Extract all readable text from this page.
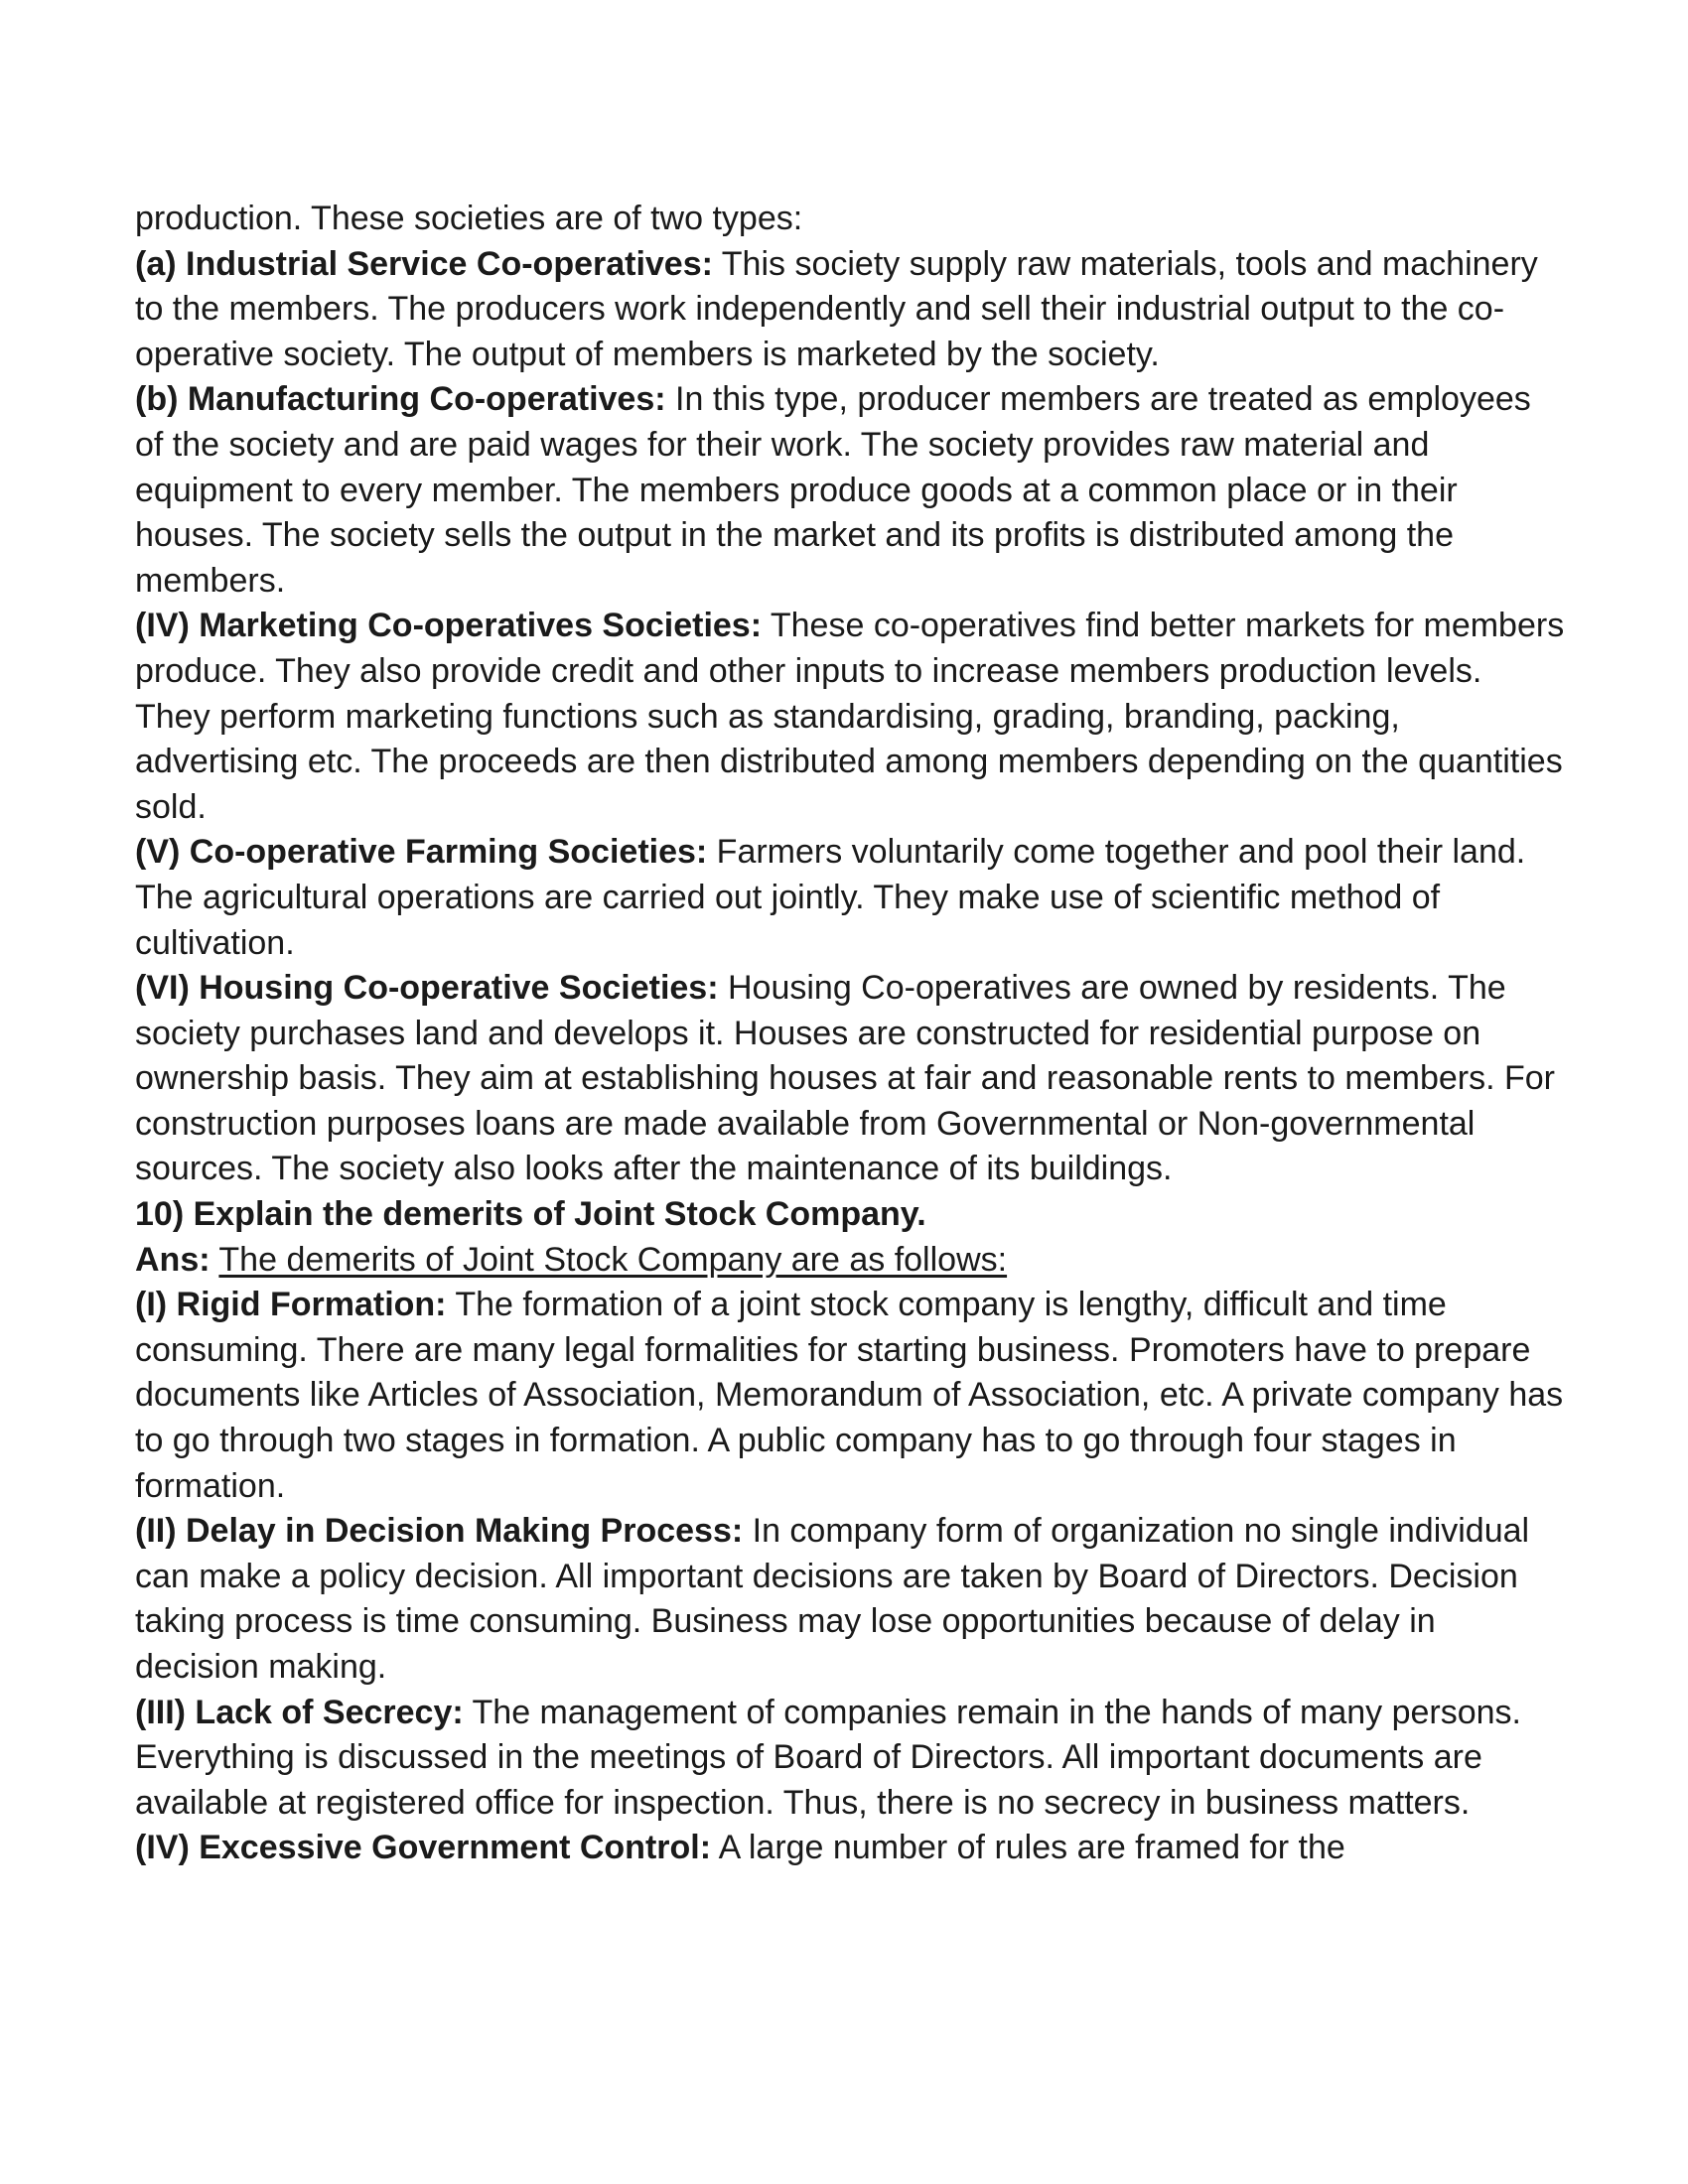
production. These societies are of two types:

(a) Industrial Service Co-operatives: This society supply raw materials, tools and machinery to the members. The producers work independently and sell their industrial output to the co-operative society. The output of members is marketed by the society.

(b) Manufacturing Co-operatives: In this type, producer members are treated as employees of the society and are paid wages for their work. The society provides raw material and equipment to every member. The members produce goods at a common place or in their houses. The society sells the output in the market and its profits is distributed among the members.

(IV) Marketing Co-operatives Societies: These co-operatives find better markets for members produce. They also provide credit and other inputs to increase members production levels. They perform marketing functions such as standardising, grading, branding, packing, advertising etc. The proceeds are then distributed among members depending on the quantities sold.

(V) Co-operative Farming Societies: Farmers voluntarily come together and pool their land. The agricultural operations are carried out jointly. They make use of scientific method of cultivation.

(VI) Housing Co-operative Societies: Housing Co-operatives are owned by residents. The society purchases land and develops it. Houses are constructed for residential purpose on ownership basis. They aim at establishing houses at fair and reasonable rents to members. For construction purposes loans are made available from Governmental or Non-governmental sources. The society also looks after the maintenance of its buildings.

10) Explain the demerits of Joint Stock Company.

Ans: The demerits of Joint Stock Company are as follows:

(I) Rigid Formation: The formation of a joint stock company is lengthy, difficult and time consuming. There are many legal formalities for starting business. Promoters have to prepare documents like Articles of Association, Memorandum of Association, etc. A private company has to go through two stages in formation. A public company has to go through four stages in formation.

(II) Delay in Decision Making Process: In company form of organization no single individual can make a policy decision. All important decisions are taken by Board of Directors. Decision taking process is time consuming. Business may lose opportunities because of delay in decision making.

(III) Lack of Secrecy: The management of companies remain in the hands of many persons. Everything is discussed in the meetings of Board of Directors. All important documents are available at registered office for inspection. Thus, there is no secrecy in business matters.

(IV) Excessive Government Control: A large number of rules are framed for the
